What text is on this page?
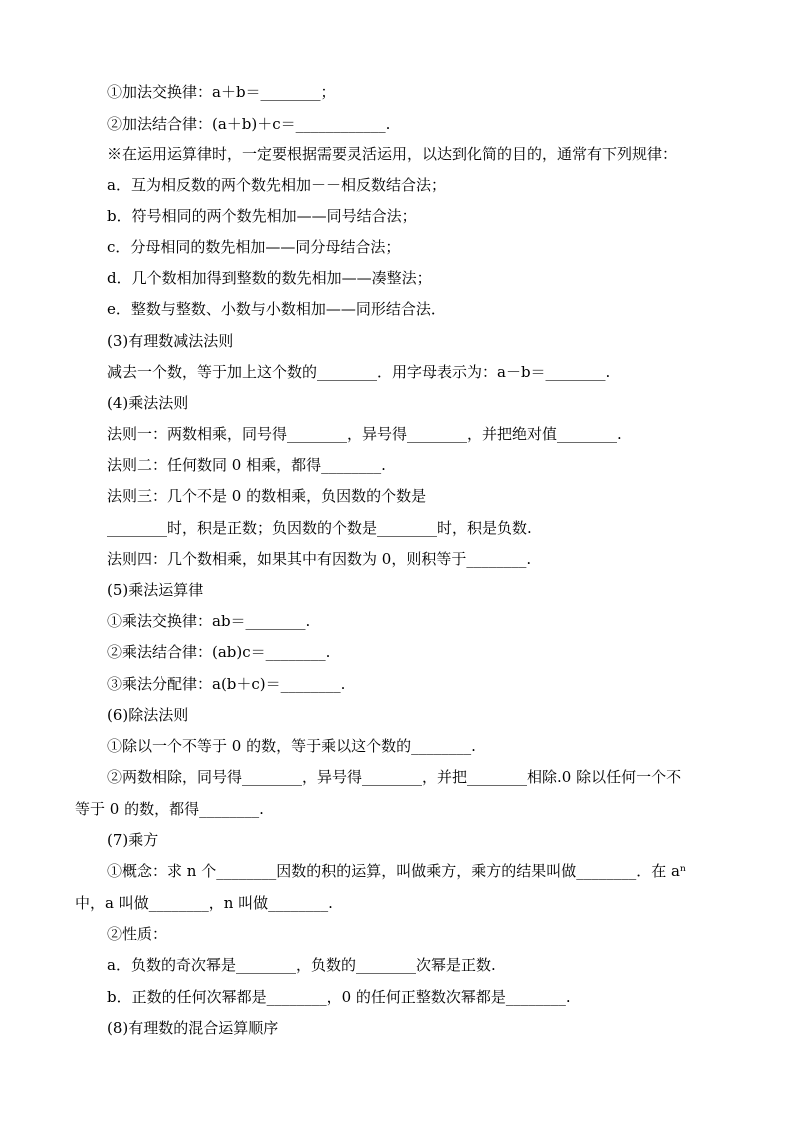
①加法交换律：a＋b＝________；
②加法结合律：(a＋b)＋c＝____________.
※在运用运算律时，一定要根据需要灵活运用，以达到化简的目的，通常有下列规律：
a．互为相反数的两个数先相加－－相反数结合法；
b．符号相同的两个数先相加——同号结合法；
c．分母相同的数先相加——同分母结合法；
d．几个数相加得到整数的数先相加——凑整法；
e．整数与整数、小数与小数相加——同形结合法．
(3)有理数减法法则
减去一个数，等于加上这个数的________．用字母表示为：a－b＝________.
(4)乘法法则
法则一：两数相乘，同号得________，异号得________，并把绝对值________.
法则二：任何数同 0 相乘，都得________.
法则三：几个不是 0 的数相乘，负因数的个数是
________时，积是正数；负因数的个数是________时，积是负数.
法则四：几个数相乘，如果其中有因数为 0，则积等于________.
(5)乘法运算律
①乘法交换律：ab＝________.
②乘法结合律：(ab)c＝________.
③乘法分配律：a(b＋c)＝________.
(6)除法法则
①除以一个不等于 0 的数，等于乘以这个数的________.
②两数相除，同号得________，异号得________，并把________相除.0 除以任何一个不
等于 0 的数，都得________.
(7)乘方
①概念：求 n 个________因数的积的运算，叫做乘方，乘方的结果叫做________．在 aⁿ
中，a 叫做________，n 叫做________.
②性质：
a．负数的奇次幂是________，负数的________次幂是正数.
b．正数的任何次幂都是________，0 的任何正整数次幂都是________.
(8)有理数的混合运算顺序
